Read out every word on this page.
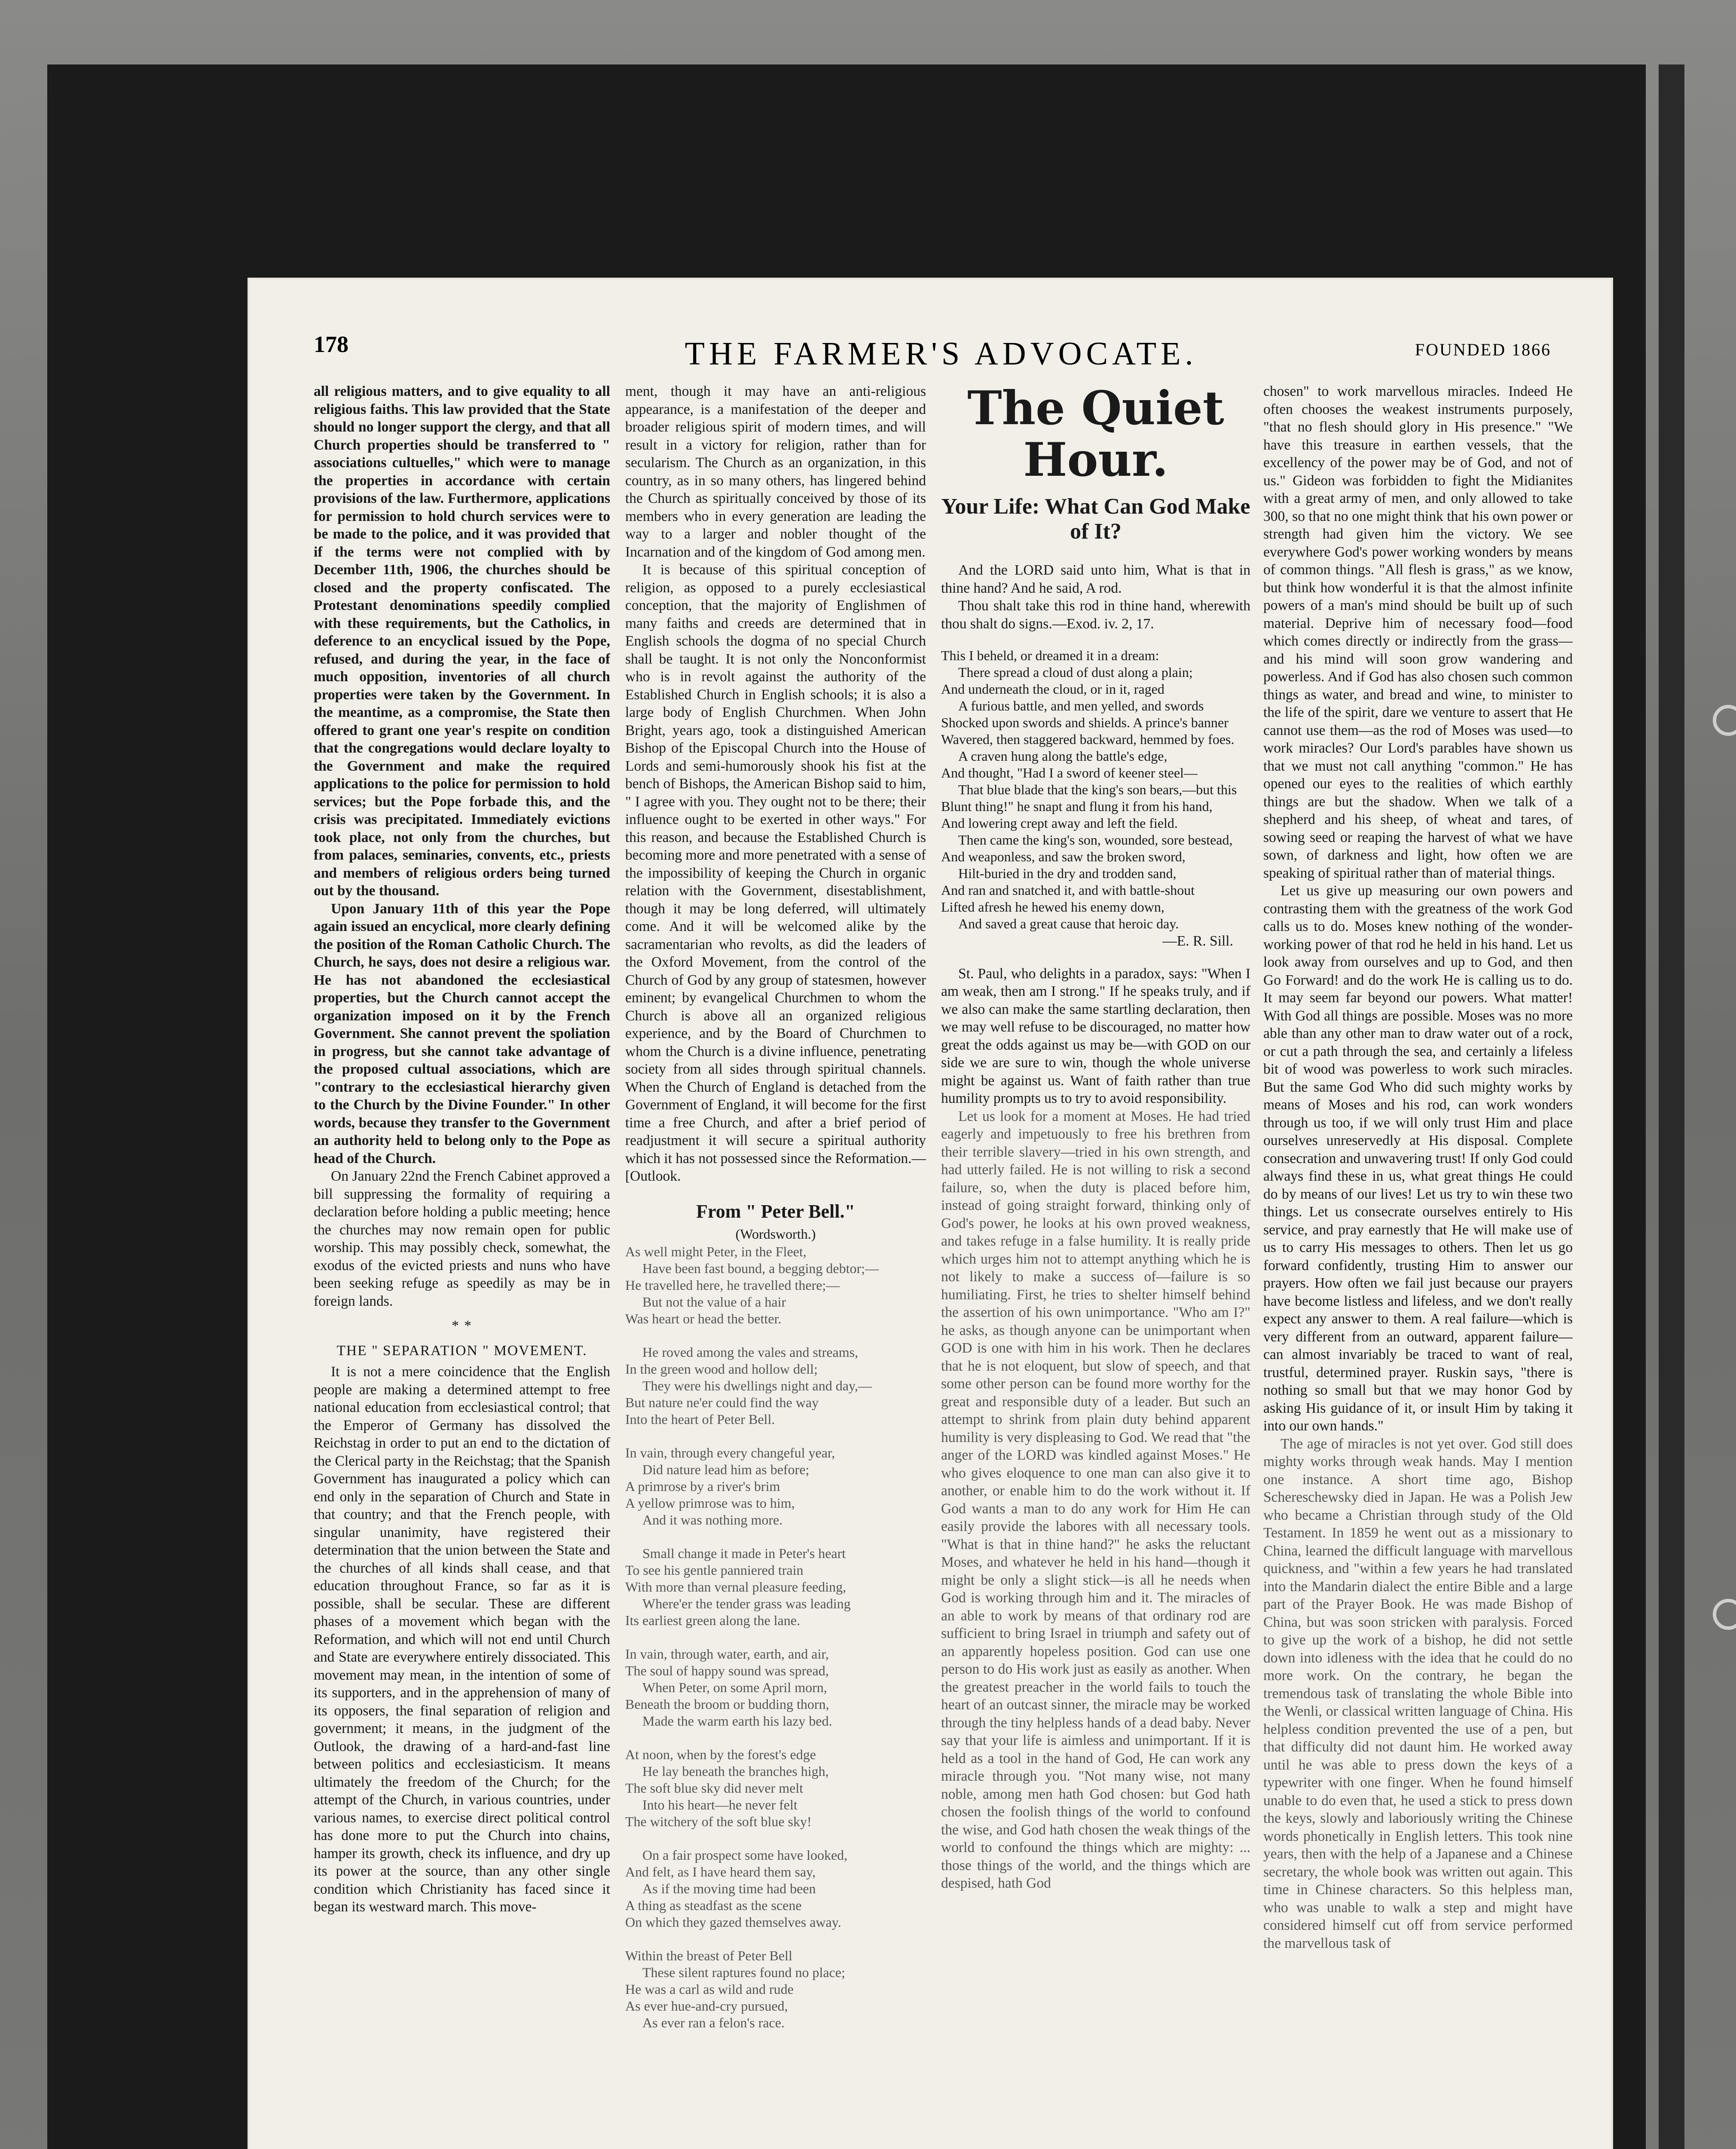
178	THE FARMER'S ADVOCATE.	FOUNDED 1866

all religious matters, and to give equality to all religious faiths. This law provided that the State should no longer support the clergy, and that all Church properties should be transferred to " associations cultuelles," which were to manage the properties in accordance with certain provisions of the law. Furthermore, applications for permission to hold church services were to be made to the police, and it was provided that if the terms were not complied with by December 11th, 1906, the churches should be closed and the property confiscated. The Protestant denominations speedily complied with these requirements, but the Catholics, in deference to an encyclical issued by the Pope, refused, and during the year, in the face of much opposition, inventories of all church properties were taken by the Government. In the meantime, as a compromise, the State then offered to grant one year's respite on condition that the congregations would declare loyalty to the Government and make the required applications to the police for permission to hold services; but the Pope forbade this, and the crisis was precipitated. Immediately evictions took place, not only from the churches, but from palaces, seminaries, convents, etc., priests and members of religious orders being turned out by the thousand.

Upon January 11th of this year the Pope again issued an encyclical, more clearly defining the position of the Roman Catholic Church. The Church, he says, does not desire a religious war. He has not abandoned the ecclesiastical properties, but the Church cannot accept the organization imposed on it by the French Government. She cannot prevent the spoliation in progress, but she cannot take advantage of the proposed cultual associations, which are "contrary to the ecclesiastical hierarchy given to the Church by the Divine Founder." In other words, because they transfer to the Government an authority held to belong only to the Pope as head of the Church.

On January 22nd the French Cabinet approved a bill suppressing the formality of requiring a declaration before holding a public meeting; hence the churches may now remain open for public worship. This may possibly check, somewhat, the exodus of the evicted priests and nuns who have been seeking refuge as speedily as may be in foreign lands.

* *
THE " SEPARATION " MOVEMENT.

It is not a mere coincidence that the English people are making a determined attempt to free national education from ecclesiastical control; that the Emperor of Germany has dissolved the Reichstag in order to put an end to the dictation of the Clerical party in the Reichstag; that the Spanish Government has inaugurated a policy which can end only in the separation of Church and State in that country; and that the French people, with singular unanimity, have registered their determination that the union between the State and the churches of all kinds shall cease, and that education throughout France, so far as it is possible, shall be secular. These are different phases of a movement which began with the Reformation, and which will not end until Church and State are everywhere entirely dissociated. This movement may mean, in the intention of some of its supporters, and in the apprehension of many of its opposers, the final separation of religion and government; it means, in the judgment of the Outlook, the drawing of a hard-and-fast line between politics and ecclesiasticism. It means ultimately the freedom of the Church; for the attempt of the Church, in various countries, under various names, to exercise direct political control has done more to put the Church into chains, hamper its growth, check its influence, and dry up its power at the source, than any other single condition which Christianity has faced since it began its westward march. This move-

ment, though it may have an anti-religious appearance, is a manifestation of the deeper and broader religious spirit of modern times, and will result in a victory for religion, rather than for secularism. The Church as an organization, in this country, as in so many others, has lingered behind the Church as spiritually conceived by those of its members who in every generation are leading the way to a larger and nobler thought of the Incarnation and of the kingdom of God among men.

It is because of this spiritual conception of religion, as opposed to a purely ecclesiastical conception, that the majority of Englishmen of many faiths and creeds are determined that in English schools the dogma of no special Church shall be taught. It is not only the Nonconformist who is in revolt against the authority of the Established Church in English schools; it is also a large body of English Churchmen. When John Bright, years ago, took a distinguished American Bishop of the Episcopal Church into the House of Lords and semi-humorously shook his fist at the bench of Bishops, the American Bishop said to him, " I agree with you. They ought not to be there; their influence ought to be exerted in other ways." For this reason, and because the Established Church is becoming more and more penetrated with a sense of the impossibility of keeping the Church in organic relation with the Government, disestablishment, though it may be long deferred, will ultimately come. And it will be welcomed alike by the sacramentarian who revolts, as did the leaders of the Oxford Movement, from the control of the Church of God by any group of statesmen, however eminent; by evangelical Churchmen to whom the Church is above all an organized religious experience, and by the Board of Churchmen to whom the Church is a divine influence, penetrating society from all sides through spiritual channels. When the Church of England is detached from the Government of England, it will become for the first time a free Church, and after a brief period of readjustment it will secure a spiritual authority which it has not possessed since the Reformation.—[Outlook.

From " Peter Bell."

(Wordsworth.)

As well might Peter, in the Fleet,
Have been fast bound, a begging debtor;—
He travelled here, he travelled there;—
But not the value of a hair
Was heart or head the better.

He roved among the vales and streams,
In the green wood and hollow dell;
They were his dwellings night and day,—
But nature ne'er could find the way
Into the heart of Peter Bell.

In vain, through every changeful year,
Did nature lead him as before;
A primrose by a river's brim
A yellow primrose was to him,
And it was nothing more.

Small change it made in Peter's heart
To see his gentle panniered train
With more than vernal pleasure feeding,
Where'er the tender grass was leading
Its earliest green along the lane.

In vain, through water, earth, and air,
The soul of happy sound was spread,
When Peter, on some April morn,
Beneath the broom or budding thorn,
Made the warm earth his lazy bed.

At noon, when by the forest's edge
He lay beneath the branches high,
The soft blue sky did never melt
Into his heart—he never felt
The witchery of the soft blue sky!

On a fair prospect some have looked,
And felt, as I have heard them say,
As if the moving time had been
A thing as steadfast as the scene
On which they gazed themselves away.

Within the breast of Peter Bell
These silent raptures found no place;
He was a carl as wild and rude
As ever hue-and-cry pursued,
As ever ran a felon's race.
The Quiet Hour.
Your Life: What Can God Make of It?

And the LORD said unto him, What is that in thine hand? And he said, A rod.

Thou shalt take this rod in thine hand, wherewith thou shalt do signs.—Exod. iv. 2, 17.

This I beheld, or dreamed it in a dream:
There spread a cloud of dust along a plain;
And underneath the cloud, or in it, raged
A furious battle, and men yelled, and swords
Shocked upon swords and shields. A prince's banner
Wavered, then staggered backward, hemmed by foes.
A craven hung along the battle's edge,
And thought, "Had I a sword of keener steel—
That blue blade that the king's son bears,—but this
Blunt thing!" he snapt and flung it from his hand,
And lowering crept away and left the field.
Then came the king's son, wounded, sore bestead,
And weaponless, and saw the broken sword,
Hilt-buried in the dry and trodden sand,
And ran and snatched it, and with battle-shout
Lifted afresh he hewed his enemy down,
And saved a great cause that heroic day.

—E. R. Sill.

St. Paul, who delights in a paradox, says: "When I am weak, then am I strong." If he speaks truly, and if we also can make the same startling declaration, then we may well refuse to be discouraged, no matter how great the odds against us may be—with GOD on our side we are sure to win, though the whole universe might be against us. Want of faith rather than true humility prompts us to try to avoid responsibility.

Let us look for a moment at Moses. He had tried eagerly and impetuously to free his brethren from their terrible slavery—tried in his own strength, and had utterly failed. He is not willing to risk a second failure, so, when the duty is placed before him, instead of going straight forward, thinking only of God's power, he looks at his own proved weakness, and takes refuge in a false humility. It is really pride which urges him not to attempt anything which he is not likely to make a success of—failure is so humiliating. First, he tries to shelter himself behind the assertion of his own unimportance. "Who am I?" he asks, as though anyone can be unimportant when GOD is one with him in his work. Then he declares that he is not eloquent, but slow of speech, and that some other person can be found more worthy for the great and responsible duty of a leader. But such an attempt to shrink from plain duty behind apparent humility is very displeasing to God. We read that "the anger of the LORD was kindled against Moses." He who gives eloquence to one man can also give it to another, or enable him to do the work without it. If God wants a man to do any work for Him He can easily provide the labores with all necessary tools. "What is that in thine hand?" he asks the reluctant Moses, and whatever he held in his hand—though it might be only a slight stick—is all he needs when God is working through him and it. The miracles of an able to work by means of that ordinary rod are sufficient to bring Israel in triumph and safety out of an apparently hopeless position. God can use one person to do His work just as easily as another. When the greatest preacher in the world fails to touch the heart of an outcast sinner, the miracle may be worked through the tiny helpless hands of a dead baby. Never say that your life is aimless and unimportant. If it is held as a tool in the hand of God, He can work any miracle through you. "Not many wise, not many noble, among men hath God chosen: but God hath chosen the foolish things of the world to confound the wise, and God hath chosen the weak things of the world to confound the things which are mighty: ... those things of the world, and the things which are despised, hath God

chosen" to work marvellous miracles. Indeed He often chooses the weakest instruments purposely, "that no flesh should glory in His presence." "We have this treasure in earthen vessels, that the excellency of the power may be of God, and not of us." Gideon was forbidden to fight the Midianites with a great army of men, and only allowed to take 300, so that no one might think that his own power or strength had given him the victory. We see everywhere God's power working wonders by means of common things. "All flesh is grass," as we know, but think how wonderful it is that the almost infinite powers of a man's mind should be built up of such material. Deprive him of necessary food—food which comes directly or indirectly from the grass—and his mind will soon grow wandering and powerless. And if God has also chosen such common things as water, and bread and wine, to minister to the life of the spirit, dare we venture to assert that He cannot use them—as the rod of Moses was used—to work miracles? Our Lord's parables have shown us that we must not call anything "common." He has opened our eyes to the realities of which earthly things are but the shadow. When we talk of a shepherd and his sheep, of wheat and tares, of sowing seed or reaping the harvest of what we have sown, of darkness and light, how often we are speaking of spiritual rather than of material things.

Let us give up measuring our own powers and contrasting them with the greatness of the work God calls us to do. Moses knew nothing of the wonder-working power of that rod he held in his hand. Let us look away from ourselves and up to God, and then Go Forward! and do the work He is calling us to do. It may seem far beyond our powers. What matter! With God all things are possible. Moses was no more able than any other man to draw water out of a rock, or cut a path through the sea, and certainly a lifeless bit of wood was powerless to work such miracles. But the same God Who did such mighty works by means of Moses and his rod, can work wonders through us too, if we will only trust Him and place ourselves unreservedly at His disposal. Complete consecration and unwavering trust! If only God could always find these in us, what great things He could do by means of our lives! Let us try to win these two things. Let us consecrate ourselves entirely to His service, and pray earnestly that He will make use of us to carry His messages to others. Then let us go forward confidently, trusting Him to answer our prayers. How often we fail just because our prayers have become listless and lifeless, and we don't really expect any answer to them. A real failure—which is very different from an outward, apparent failure—can almost invariably be traced to want of real, trustful, determined prayer. Ruskin says, "there is nothing so small but that we may honor God by asking His guidance of it, or insult Him by taking it into our own hands."

The age of miracles is not yet over. God still does mighty works through weak hands. May I mention one instance. A short time ago, Bishop Schereschewsky died in Japan. He was a Polish Jew who became a Christian through study of the Old Testament. In 1859 he went out as a missionary to China, learned the difficult language with marvellous quickness, and "within a few years he had translated into the Mandarin dialect the entire Bible and a large part of the Prayer Book. He was made Bishop of China, but was soon stricken with paralysis. Forced to give up the work of a bishop, he did not settle down into idleness with the idea that he could do no more work. On the contrary, he began the tremendous task of translating the whole Bible into the Wenli, or classical written language of China. His helpless condition prevented the use of a pen, but that difficulty did not daunt him. He worked away until he was able to press down the keys of a typewriter with one finger. When he found himself unable to do even that, he used a stick to press down the keys, slowly and laboriously writing the Chinese words phonetically in English letters. This took nine years, then with the help of a Japanese and a Chinese secretary, the whole book was written out again. This time in Chinese characters. So this helpless man, who was unable to walk a step and might have considered himself cut off from service performed the marvellous task of
